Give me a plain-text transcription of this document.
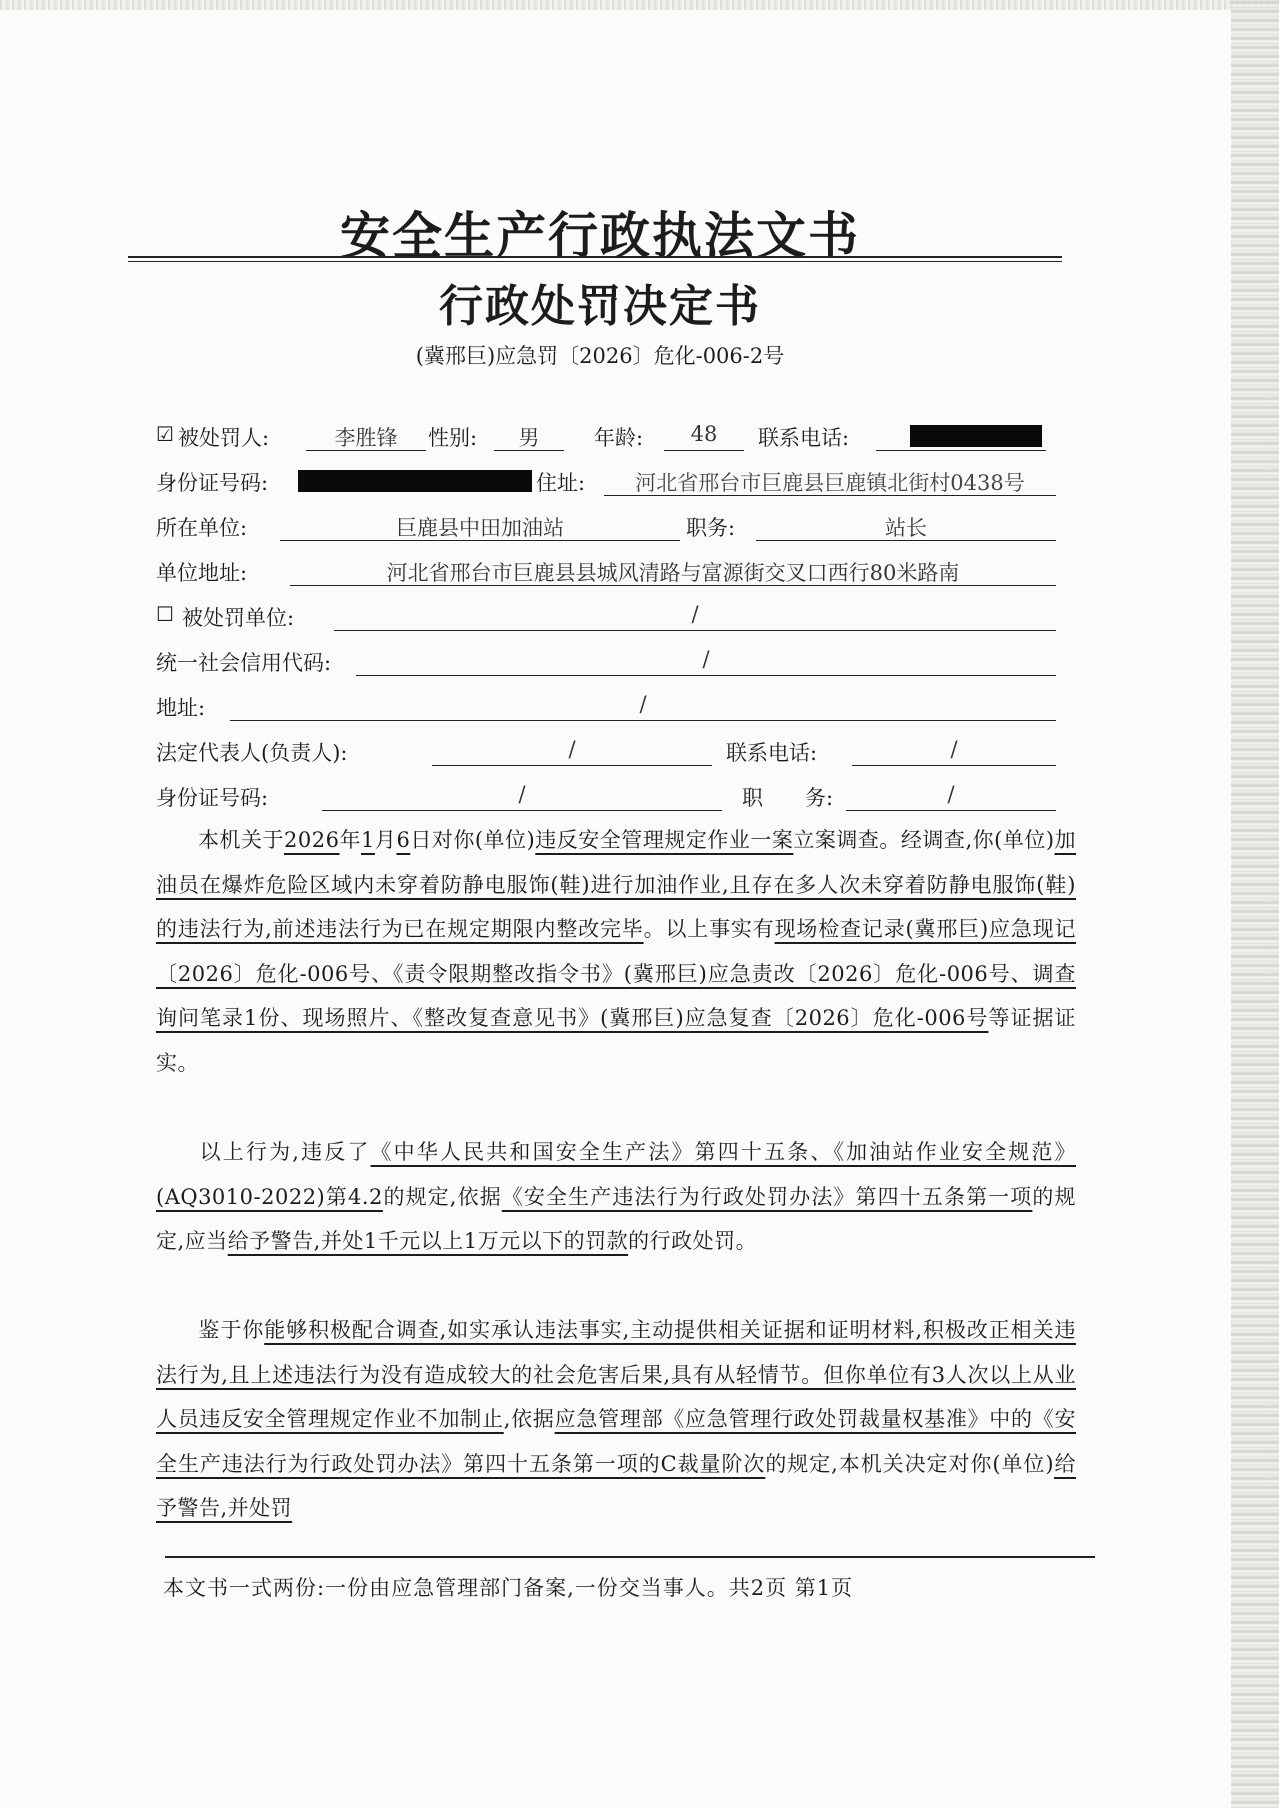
安全生产行政执法文书
行政处罚决定书
(冀邢巨)应急罚〔2026〕危化-006-2号
☑ 被处罚人:	李胜锋	性别:	男	年龄:	48	联系电话:
身份证号码:	住址:	河北省邢台市巨鹿县巨鹿镇北街村0438号
所在单位:	巨鹿县中田加油站	职务:	站长
单位地址:	河北省邢台市巨鹿县县城风清路与富源街交叉口西行80米路南
☐ 被处罚单位:	/
统一社会信用代码:	/
地址:	/
法定代表人(负责人):	/	联系电话:	/
身份证号码:	/	职　　务:	/
本机关于2026年1月6日对你(单位)违反安全管理规定作业一案立案调查。经调查,你(单位)加油员在爆炸危险区域内未穿着防静电服饰(鞋)进行加油作业,且存在多人次未穿着防静电服饰(鞋)的违法行为,前述违法行为已在规定期限内整改完毕。以上事实有现场检查记录(冀邢巨)应急现记〔2026〕危化-006号、《责令限期整改指令书》(冀邢巨)应急责改〔2026〕危化-006号、调查询问笔录1份、现场照片、《整改复查意见书》(冀邢巨)应急复查〔2026〕危化-006号等证据证实。
以上行为,违反了《中华人民共和国安全生产法》第四十五条、《加油站作业安全规范》(AQ3010-2022)第4.2的规定,依据《安全生产违法行为行政处罚办法》第四十五条第一项的规定,应当给予警告,并处1千元以上1万元以下的罚款的行政处罚。
鉴于你能够积极配合调查,如实承认违法事实,主动提供相关证据和证明材料,积极改正相关违法行为,且上述违法行为没有造成较大的社会危害后果,具有从轻情节。但你单位有3人次以上从业人员违反安全管理规定作业不加制止,依据应急管理部《应急管理行政处罚裁量权基准》中的《安全生产违法行为行政处罚办法》第四十五条第一项的C裁量阶次的规定,本机关决定对你(单位)给予警告,并处罚
本文书一式两份:一份由应急管理部门备案,一份交当事人。共2页 第1页
